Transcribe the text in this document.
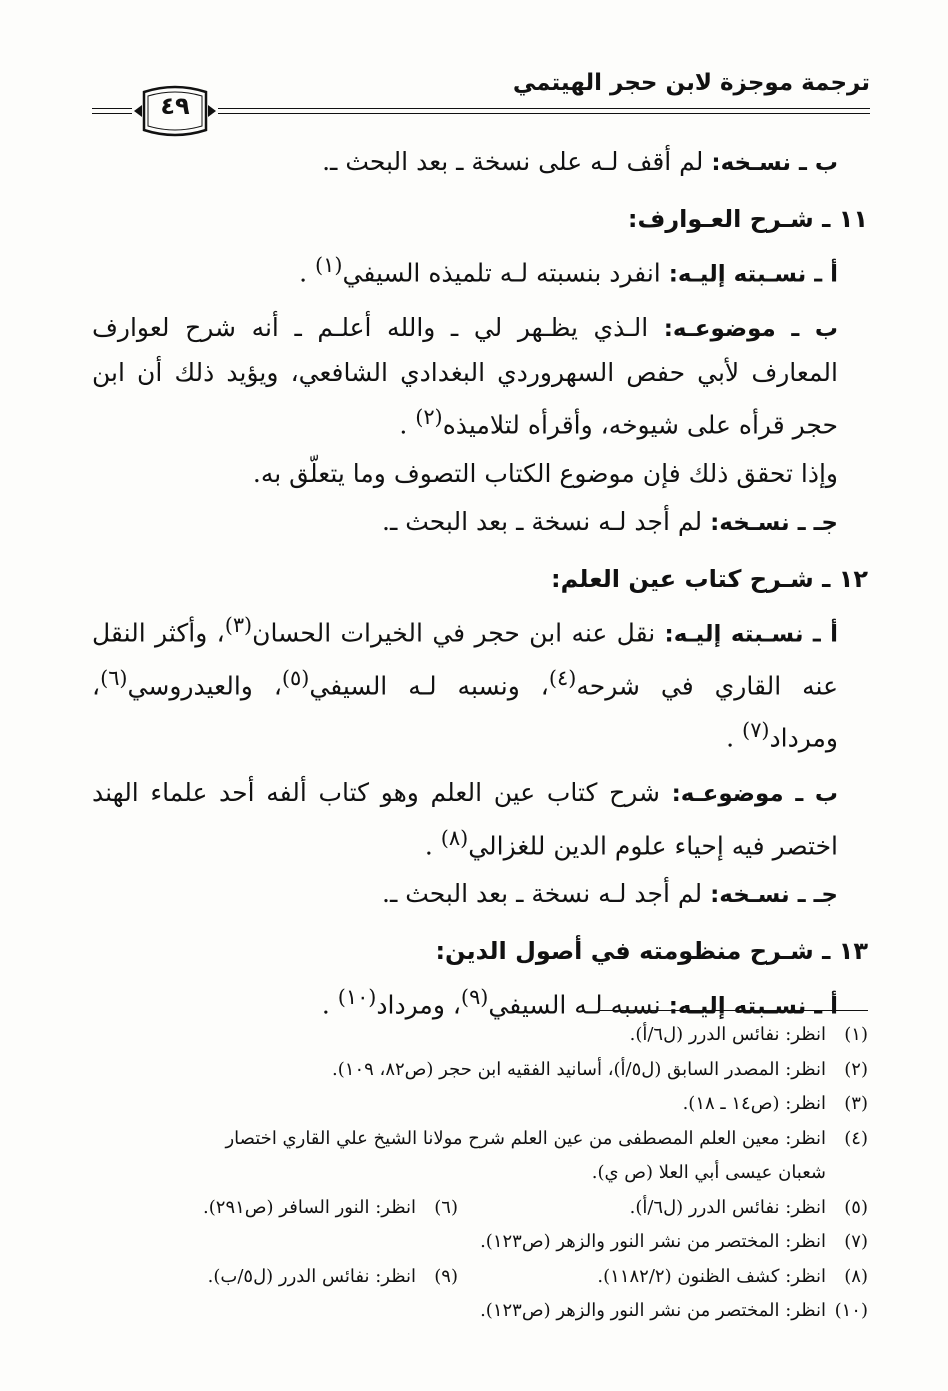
ترجمة موجزة لابن حجر الهيتمي
٤٩

ب ـ نسـخه: لم أقف لـه على نسخة ـ بعد البحث ـ.

١١ ـ شـرح العـوارف:

أ ـ نسـبته إليـه: انفرد بنسبته لـه تلميذه السيفي$^{(١)}$ .

ب ـ موضوعـه: الـذي يظـهر لي ـ والله أعلـم ـ أنه شرح لعوارف المعارف لأبي حفص السهروردي البغدادي الشافعي، ويؤيد ذلك أن ابن حجر قرأه على شيوخه، وأقرأه لتلاميذه$^{(٢)}$ .

وإذا تحقق ذلك فإن موضوع الكتاب التصوف وما يتعلّق به.

جـ ـ نسـخه: لم أجد لـه نسخة ـ بعد البحث ـ.

١٢ ـ شـرح كتاب عين العلم:

أ ـ نسـبته إليـه: نقل عنه ابن حجر في الخيرات الحسان$^{(٣)}$، وأكثر النقل عنه القاري في شرحه$^{(٤)}$، ونسبه لـه السيفي$^{(٥)}$، والعيدروسي$^{(٦)}$، ومرداد$^{(٧)}$ .

ب ـ موضوعـه: شرح كتاب عين العلم وهو كتاب ألفه أحد علماء الهند اختصر فيه إحياء علوم الدين للغزالي$^{(٨)}$ .

جـ ـ نسـخه: لم أجد لـه نسخة ـ بعد البحث ـ.

١٣ ـ شـرح منظومته في أصول الدين:

أ ـ نسـبته إليـه: نسبه لـه السيفي$^{(٩)}$، ومرداد$^{(١٠)}$ .

(١)انظر: نفائس الدرر (ل٦/أ).

(٢)انظر: المصدر السابق (ل٥/أ)، أسانيد الفقيه ابن حجر (ص٨٢، ١٠٩).

(٣)انظر: (ص١٤ ـ ١٨).

(٤)انظر: معين العلم المصطفى من عين العلم شرح مولانا الشيخ علي القاري اختصار

شعبان عيسى أبي العلا (ص ي).

(٥)انظر: نفائس الدرر (ل٦/أ).

(٦)انظر: النور السافر (ص٢٩١).

(٧)انظر: المختصر من نشر النور والزهر (ص١٢٣).

(٨)انظر: كشف الظنون (١١٨٢/٢).

(٩)انظر: نفائس الدرر (ل٥/ب).

(١٠)انظر: المختصر من نشر النور والزهر (ص١٢٣).
